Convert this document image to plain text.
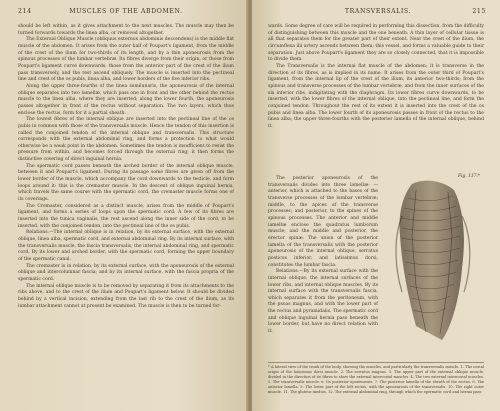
214	MUSCLES OF THE ABDOMEN.

should be left within, as it gives attachment to the next muscles. The muscle may then be turned forwards towards the linea alba, or removed altogether.

The External Oblique Muscle (obliquus externus abdominis descendens) is the middle flat muscle of the abdomen. It arises from the outer half of Poupart's ligament, from the middle of the crest of the ilium for two-thirds of its length, and by a thin aponeurosis from the spinous processes of the lumbar vertebræ. Its fibres diverge from their origin, or those from Poupart's ligament curve downwards, those from the anterior part of the crest of the ilium pass transversely, and the rest ascend obliquely. The muscle is inserted into the pectineal line and crest of the os pubis, linea alba, and lower borders of the five inferior ribs.

Along the upper three-fourths of the linea semilunaris, the aponeurosis of the internal oblique separates into two lamellæ, which pass one in front and the other behind the rectus muscle to the linea alba, where they are inserted; along the lower fourth, the aponeurosis passes altogether in front of the rectus without separation. The two layers, which thus enclose the rectus, form for it a partial sheath.

The lowest fibres of the internal oblique are inserted into the pectineal line of the os pubis in common with those of the transversalis muscle. Hence the tendon of this insertion is called the conjoined tendon of the internal oblique and transversalis. This structure corresponds with the external abdominal ring, and forms a protection to what would otherwise be a weak point in the abdomen. Sometimes the tendon is insufficient to resist the pressure from within, and becomes forced through the external ring; it then forms the distinctive covering of direct inguinal hernia.

The spermatic cord passes beneath the arched border of the internal oblique muscle, between it and Poupart's ligament. During its passage some fibres are given off from the lower border of the muscle, which accompany the cord downwards to the testicle, and form loops around it: this is the cremaster muscle. In the descent of oblique inguinal hernia, which travels the same course with the spermatic cord, the cremaster muscle forms one of its coverings.

The Cremaster, considered as a distinct muscle, arises from the middle of Poupart's ligament, and forms a series of loops upon the spermatic cord. A few of its fibres are inserted into the tunica vaginalis, the rest ascend along the inner side of the cord, to be inserted, with the conjoined tendon, into the pectineal line of the os pubis.

Relations.—The internal oblique is in relation, by its external surface, with the external oblique, linea alba, spermatic cord, and external abdominal ring. By its internal surface, with the transversalis muscle, the fascia transversalis, the internal abdominal ring, and spermatic cord. By its lower and arched border, with the spermatic cord, forming the upper boundary of the spermatic canal.

The cremaster is in relation, by its external surface, with the aponeurosis of the external oblique and intercolumnar fascia; and by its internal surface, with the fascia propria of the spermatic cord.

The internal oblique muscle is to be removed by separating it from its attachments to the ribs above, and to the crest of the ilium and Poupart's ligament below. It should be divided behind by a vertical incision, extending from the last rib to the crest of the ilium, as its lumbar attachment cannot at present be examined. The muscle is then to be turned for-

TRANSVERSALIS.	215

wards. Some degree of care will be required in performing this dissection, from the difficulty of distinguishing between this muscle and the one beneath. A thin layer of cellular tissue is all that separates them for the greater part of their extent. Near the crest of the ilium, the circumflexa ilii artery ascends between them; this vessel, and forms a valuable guide to their separation. Just above Poupart's ligament they are so closely connected, that it is impossible to divide them.

The Transversalis is the internal flat muscle of the abdomen; it is transverse in the direction of its fibres, as is implied in its name. It arises from the outer third of Poupart's ligament, from the internal lip of the crest of the ilium, its anterior two-thirds; from the spinous and transverse processes of the lumbar vertebræ, and from the inner surfaces of the six inferior ribs, indigitating with the diaphragm. Its lower fibres curve downwards, to be inserted, with the lower fibres of the internal oblique, into the pectineal line, and form the conjoined tendon. Throughout the rest of its extent it is inserted into the crest of the os pubis and linea alba. The lower fourth of its aponeurosis passes in front of the rectus to the linea alba; the upper three-fourths with the posterior lamella of the internal oblique, behind it.

The posterior aponeurosis of the transversalis divides into three lamellæ: —anterior, which is attached to the bases of the transverse processes of the lumbar vertebræ; middle, to the apices of the transverse processes; and posterior, to the spines of the spinous processes. The anterior and middle lamellæ enclose the quadratus lumborum muscle; and the middle and posterior, the erector spinæ. The union of the posterior lamella of the transversalis with the posterior aponeurosis of the internal oblique, serratus posticus inferior, and latissimus dorsi, constitutes the lumbar fascia.

Relations.—By its external surface with the internal oblique, the internal surfaces of the lower ribs, and internal oblique muscles. By its internal surface with the transversalis fascia, which separates it from the peritoneum, with the psoas magnus, and with the lower part of the rectus and pyramidalis. The spermatic cord and oblique inguinal hernia pass beneath the lower border, but have no direct relation with it.

Fig. 117.*
* A lateral view of the trunk of the body, showing the muscles, and particularly the transversalis muscle. 1. The costal origin of the latissimus dorsi muscle. 2. The serratus magnus. 3. The upper part of the external oblique muscle, divided in the direction of its fibres to show the external intercostal muscles. 4. The two external intercostal muscles. 5. The transversalis muscle. 6. Its posterior aponeurosis. 7. The posterior lamella of the sheath of the rectus. 8. The anterior lamella. 9. The lower part of the left rectus, with the aponeurosis of the transversalis. 10. The right outer muscle. 11. The gluteus medius. 12. The external abdominal ring, through which the spermatic cord and hernia pass.
